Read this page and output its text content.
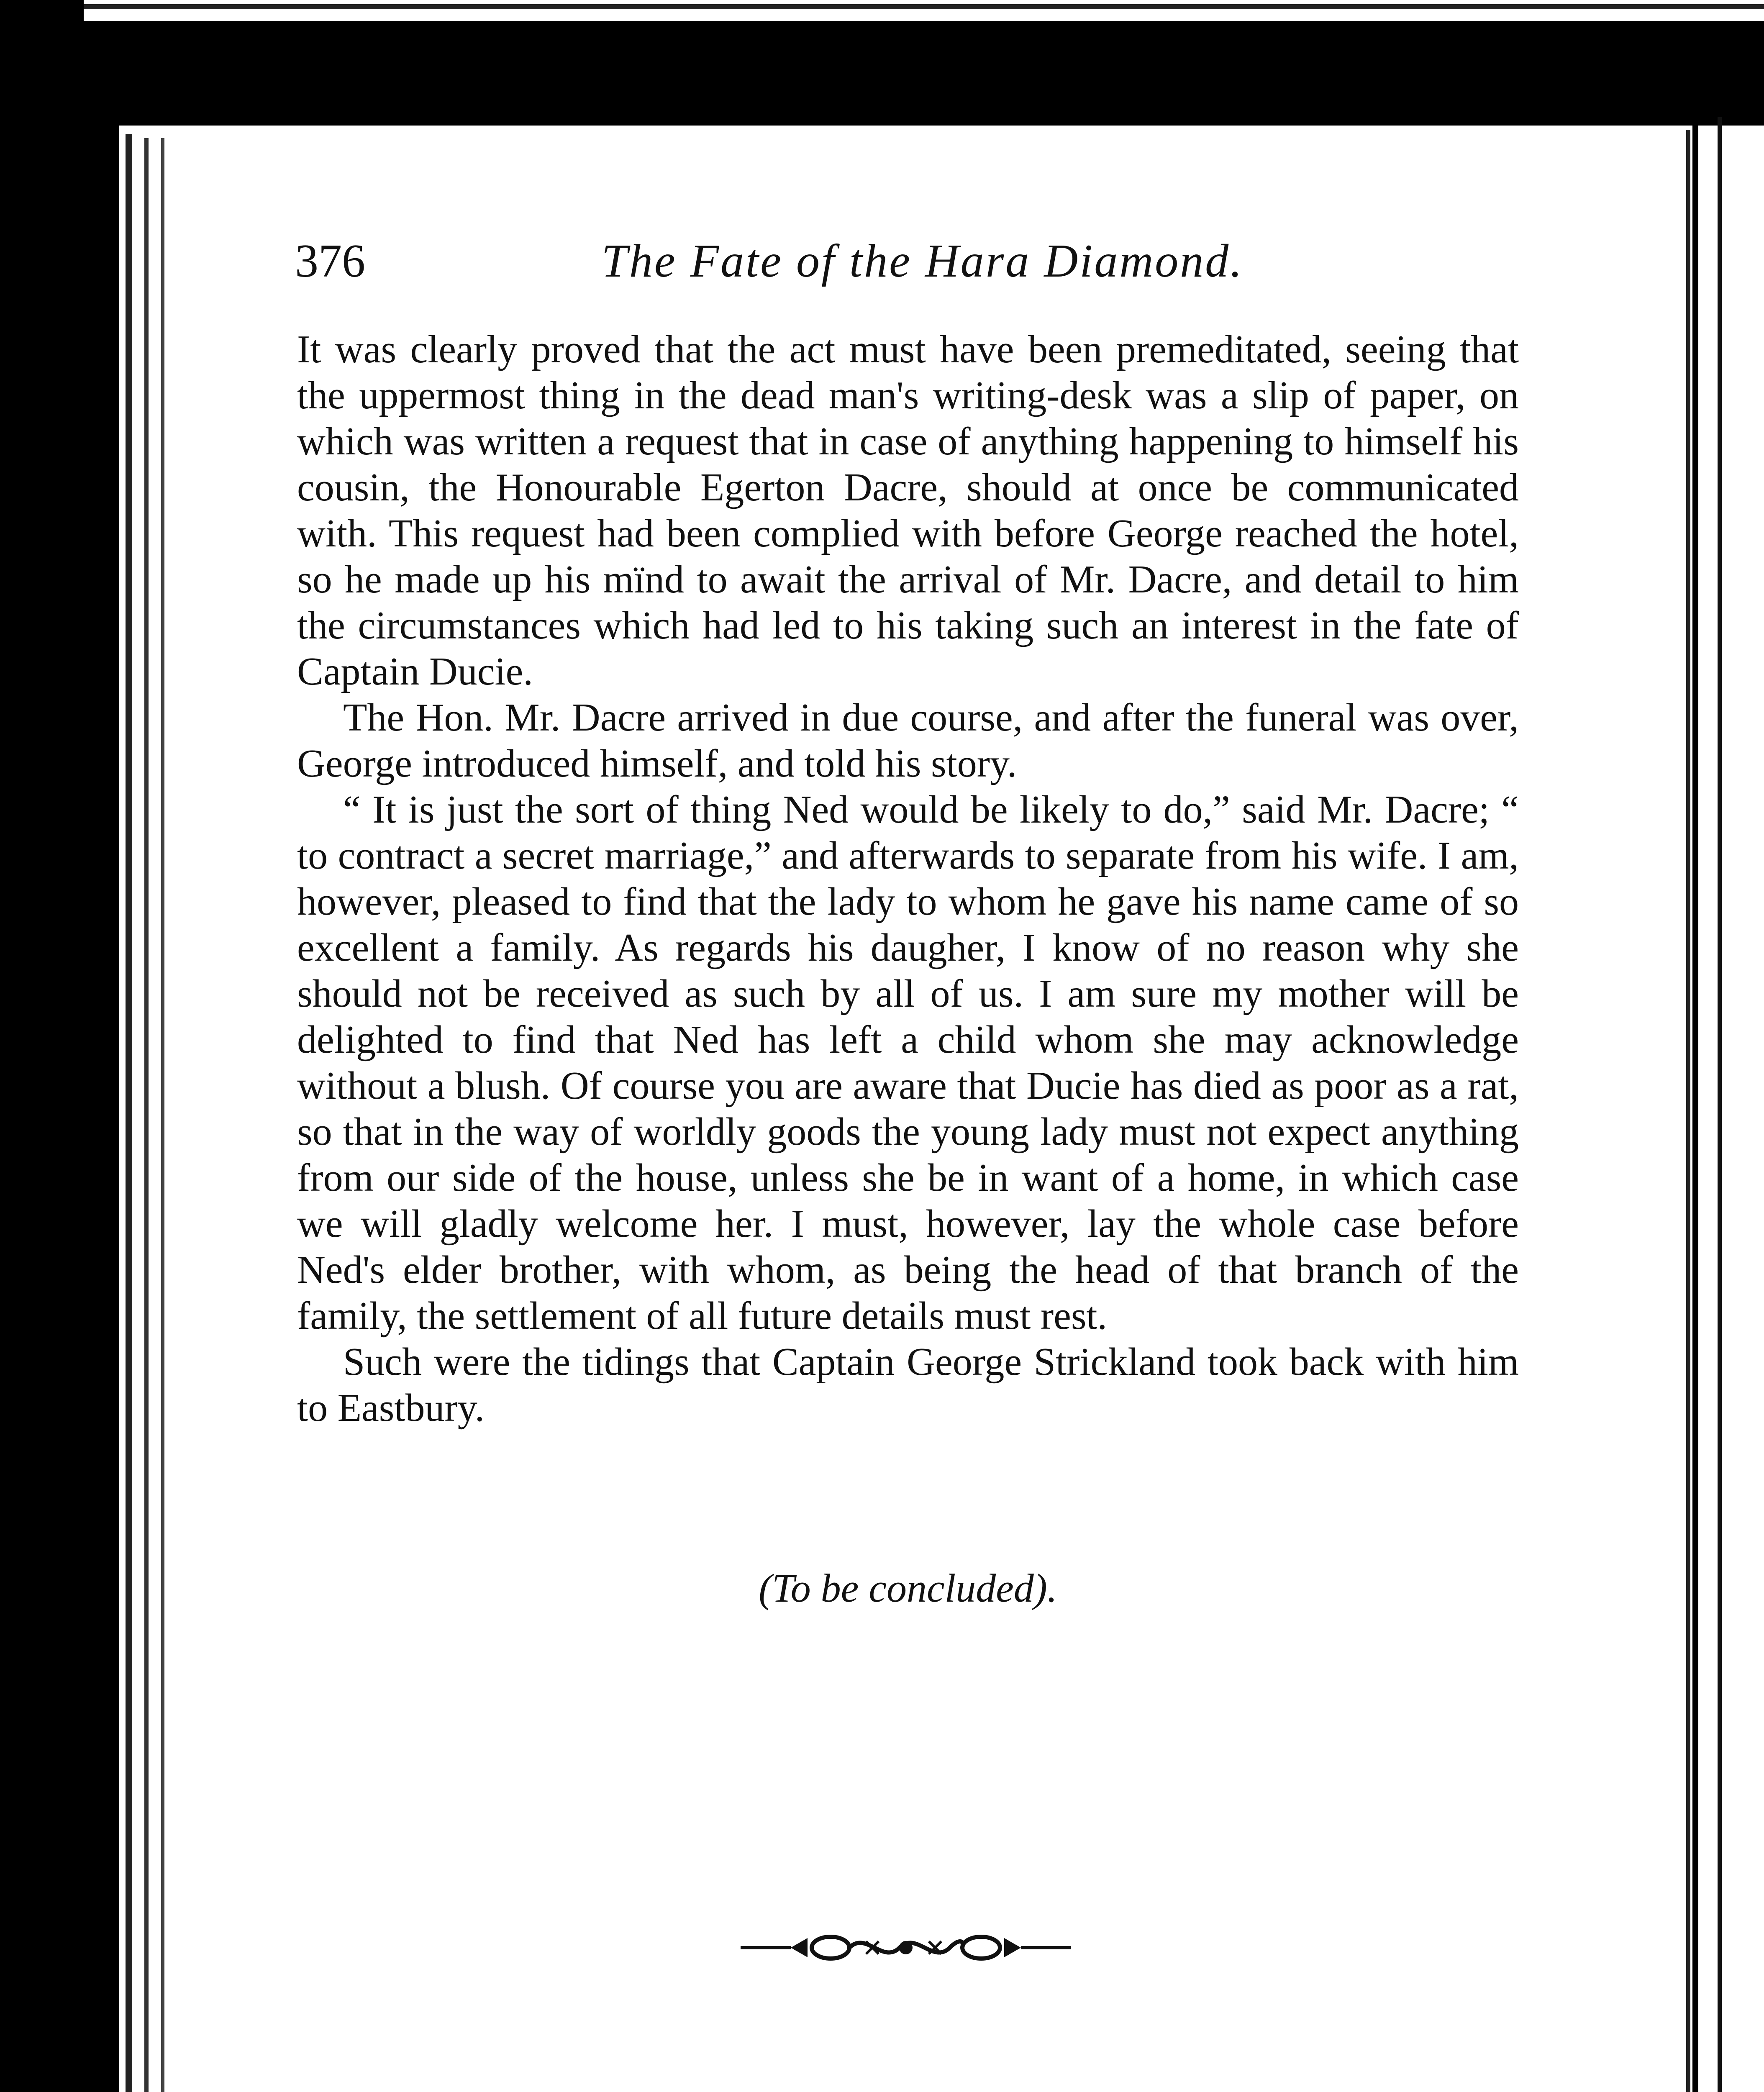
376	The Fate of the Hara Diamond.

It was clearly proved that the act must have been premeditated, seeing that the uppermost thing in the dead man's writing-desk was a slip of paper, on which was written a request that in case of anything happening to himself his cousin, the Honourable Egerton Dacre, should at once be communicated with. This request had been complied with before George reached the hotel, so he made up his mïnd to await the arrival of Mr. Dacre, and detail to him the circumstances which had led to his taking such an interest in the fate of Captain Ducie.

The Hon. Mr. Dacre arrived in due course, and after the funeral was over, George introduced himself, and told his story.

“ It is just the sort of thing Ned would be likely to do,” said Mr. Dacre; “ to contract a secret marriage,” and afterwards to separate from his wife. I am, however, pleased to find that the lady to whom he gave his name came of so excellent a family. As regards his daugher, I know of no reason why she should not be received as such by all of us. I am sure my mother will be delighted to find that Ned has left a child whom she may acknowledge without a blush. Of course you are aware that Ducie has died as poor as a rat, so that in the way of worldly goods the young lady must not expect anything from our side of the house, unless she be in want of a home, in which case we will gladly welcome her. I must, however, lay the whole case before Ned's elder brother, with whom, as being the head of that branch of the family, the settlement of all future details must rest.

Such were the tidings that Captain George Strickland took back with him to Eastbury.

(To be concluded).
